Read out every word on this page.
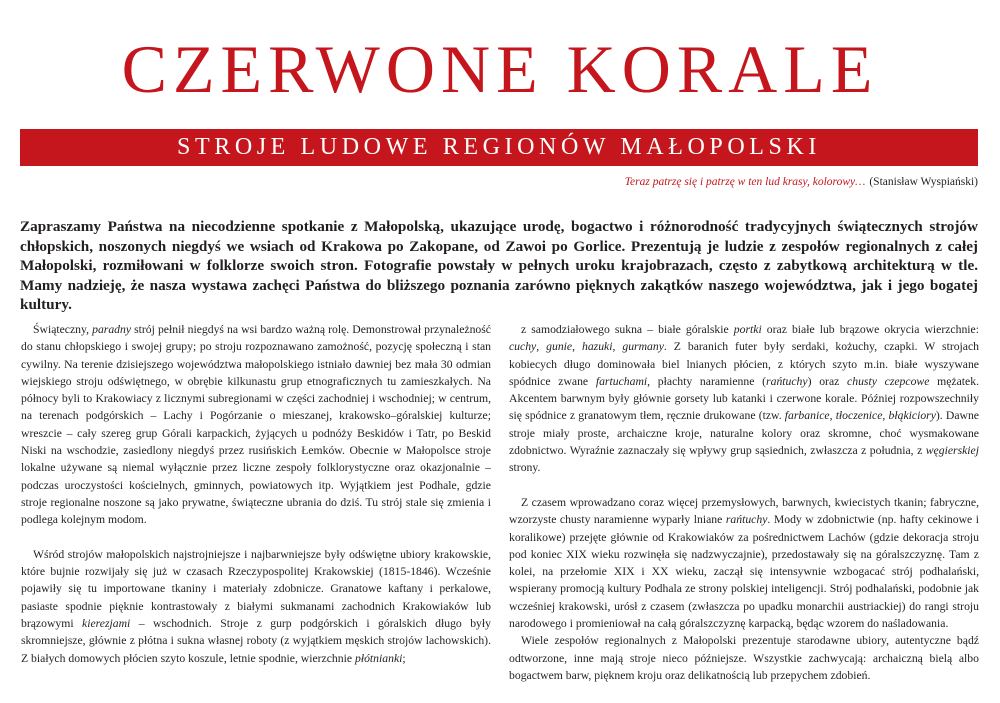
CZERWONE KORALE
STROJE LUDOWE REGIONÓW MAŁOPOLSKI
Teraz patrzę się i patrzę w ten lud krasy, kolorowy… (Stanisław Wyspiański)

Zapraszamy Państwa na niecodzienne spotkanie z Małopolską, ukazujące urodę, bogactwo i różnorodność tradycyjnych świątecznych strojów chłopskich, noszonych niegdyś we wsiach od Krakowa po Zakopane, od Zawoi po Gorlice. Prezentują je ludzie z zespołów regionalnych z całej Małopolski, rozmiłowani w folklorze swoich stron. Fotografie powstały w pełnych uroku krajobrazach, często z zabytkową architekturą w tle. Mamy nadzieję, że nasza wystawa zachęci Państwa do bliższego poznania zarówno pięknych zakątków naszego województwa, jak i jego bogatej kultury.

Świąteczny, paradny strój pełnił niegdyś na wsi bardzo ważną rolę. Demonstrował przynależność do stanu chłopskiego i swojej grupy; po stroju rozpoznawano zamożność, pozycję społeczną i stan cywilny. Na terenie dzisiejszego województwa małopolskiego istniało dawniej bez mała 30 odmian wiejskiego stroju odświętnego, w obrębie kilkunastu grup etnograficznych tu zamieszkałych. Na północy byli to Krakowiacy z licznymi subregionami w części zachodniej i wschodniej; w centrum, na terenach podgórskich – Lachy i Pogórzanie o mieszanej, krakowsko–góralskiej kulturze; wreszcie – cały szereg grup Górali karpackich, żyjących u podnóży Beskidów i Tatr, po Beskid Niski na wschodzie, zasiedlony niegdyś przez rusińskich Łemków. Obecnie w Małopolsce stroje lokalne używane są niemal wyłącznie przez liczne zespoły folklorystyczne oraz okazjonalnie – podczas uroczystości kościelnych, gminnych, powiatowych itp. Wyjątkiem jest Podhale, gdzie stroje regionalne noszone są jako prywatne, świąteczne ubrania do dziś. Tu strój stale się zmienia i podlega kolejnym modom.

Wśród strojów małopolskich najstrojniejsze i najbarwniejsze były odświętne ubiory krakowskie, które bujnie rozwijały się już w czasach Rzeczypospolitej Krakowskiej (1815-1846). Wcześnie pojawiły się tu importowane tkaniny i materiały zdobnicze. Granatowe kaftany i perkalowe, pasiaste spodnie pięknie kontrastowały z białymi sukmanami zachodnich Krakowiaków lub brązowymi kierezjami – wschodnich. Stroje z gurp podgórskich i góralskich długo były skromniejsze, głównie z płótna i sukna własnej roboty (z wyjątkiem męskich strojów lachowskich). Z białych domowych płócien szyto koszule, letnie spodnie, wierzchnie płótnianki;

z samodziałowego sukna – białe góralskie portki oraz białe lub brązowe okrycia wierzchnie: cuchy, gunie, hazuki, gurmany. Z baranich futer były serdaki, kożuchy, czapki. W strojach kobiecych długo dominowała biel lnianych płócien, z których szyto m.in. białe wyszywane spódnice zwane fartuchami, płachty naramienne (rańtuchy) oraz chusty czepcowe mężatek. Akcentem barwnym były głównie gorsety lub katanki i czerwone korale. Później rozpowszechniły się spódnice z granatowym tłem, ręcznie drukowane (tzw. farbanice, tłoczenice, błąkiciory). Dawne stroje miały proste, archaiczne kroje, naturalne kolory oraz skromne, choć wysmakowane zdobnictwo. Wyraźnie zaznaczały się wpływy grup sąsiednich, zwłaszcza z południa, z węgierskiej strony.

Z czasem wprowadzano coraz więcej przemysłowych, barwnych, kwiecistych tkanin; fabryczne, wzorzyste chusty naramienne wyparły lniane rańtuchy. Mody w zdobnictwie (np. hafty cekinowe i koralikowe) przejęte głównie od Krakowiaków za pośrednictwem Lachów (gdzie dekoracja stroju pod koniec XIX wieku rozwinęła się nadzwyczajnie), przedostawały się na góralszczyznę. Tam z kolei, na przełomie XIX i XX wieku, zaczął się intensywnie wzbogacać strój podhalański, wspierany promocją kultury Podhala ze strony polskiej inteligencji. Strój podhalański, podobnie jak wcześniej krakowski, urósł z czasem (zwłaszcza po upadku monarchii austriackiej) do rangi stroju narodowego i promieniował na całą góralszczyznę karpacką, będąc wzorem do naśladowania.

Wiele zespołów regionalnych z Małopolski prezentuje starodawne ubiory, autentyczne bądź odtworzone, inne mają stroje nieco późniejsze. Wszystkie zachwycają: archaiczną bielą albo bogactwem barw, pięknem kroju oraz delikatnością lub przepychem zdobień.
